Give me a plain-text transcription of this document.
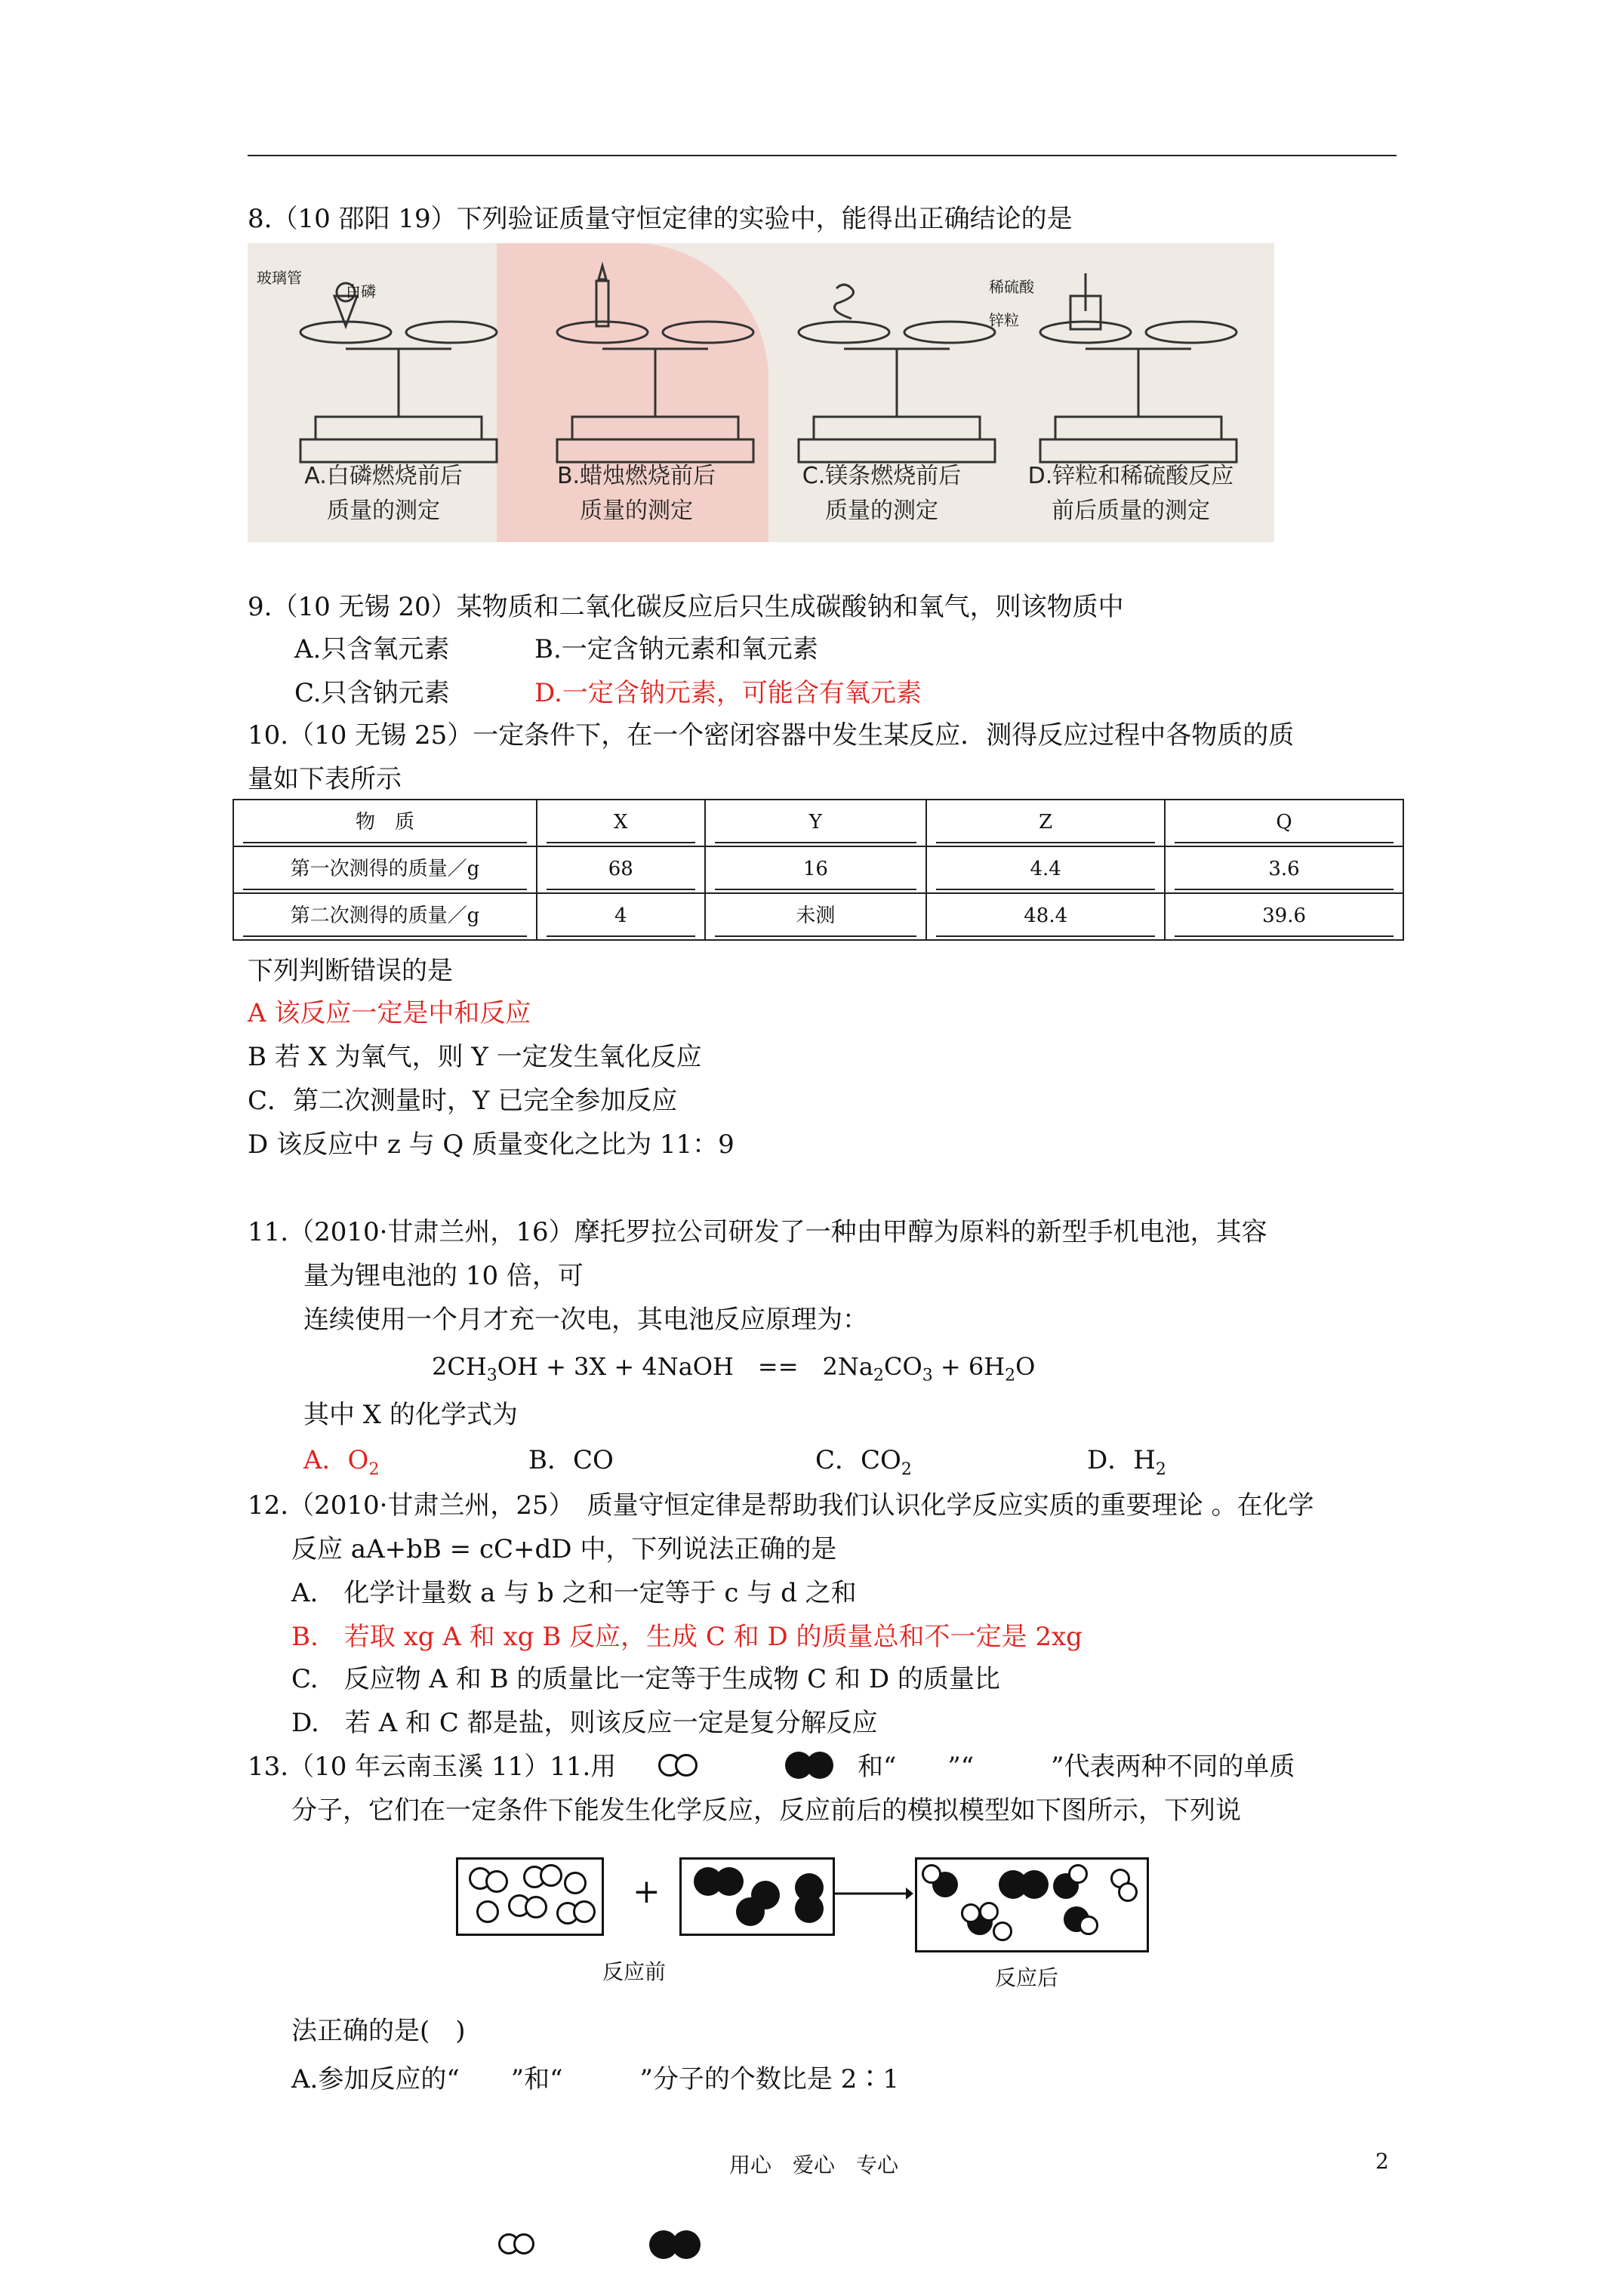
8.（10 邵阳 19）下列验证质量守恒定律的实验中，能得出正确结论的是
玻璃管
白磷	稀硫酸
锌粒
A.白磷燃烧前后
质量的测定
B.蜡烛燃烧前后
质量的测定
C.镁条燃烧前后
质量的测定
D.锌粒和稀硫酸反应
前后质量的测定
9.（10 无锡 20）某物质和二氧化碳反应后只生成碳酸钠和氧气，则该物质中
A.只含氧元素	B.一定含钠元素和氧元素
C.只含钠元素	D.一定含钠元素，可能含有氧元素
10.（10 无锡 25）一定条件下，在一个密闭容器中发生某反应．测得反应过程中各物质的质
量如下表所示
物　质	X	Y	Z	Q

第一次测得的质量／g	68	16	4.4	3.6

第二次测得的质量／g	4	未测	48.4	39.6
下列判断错误的是
A 该反应一定是中和反应
B 若 X 为氧气，则 Y 一定发生氧化反应
C．第二次测量时，Y 已完全参加反应
D 该反应中 z 与 Q 质量变化之比为 11：9
11.（2010·甘肃兰州，16）摩托罗拉公司研发了一种由甲醇为原料的新型手机电池，其容
量为锂电池的 10 倍，可
连续使用一个月才充一次电，其电池反应原理为：
$2CH_3OH + 3X$ + 4NaOH　==　$2Na_2CO_3 + 6H_2O$
其中 X 的化学式为
A．$O_2$	B．CO	C．$CO_2$	D．$H_2$
12.（2010·甘肃兰州，25）　质量守恒定律是帮助我们认识化学反应实质的重要理论 。在化学
反应 aA+bB = cC+dD 中，下列说法正确的是
A.　化学计量数 a 与 b 之和一定等于 c 与 d 之和
B.　若取 xg A 和 xg B 反应，生成 C 和 D 的质量总和不一定是 2xg
C.　反应物 A 和 B 的质量比一定等于生成物 C 和 D 的质量比
D.　若 A 和 C 都是盐，则该反应一定是复分解反应
13.（10 年云南玉溪 11）11.用	和“　　”“　　　”代表两种不同的单质
分子，它们在一定条件下能发生化学反应，反应前后的模拟模型如下图所示，下列说
+
反应前	反应后
法正确的是(　)
A.参加反应的“　　”和“　　　”分子的个数比是 2∶1
用心　爱心　专心	2
